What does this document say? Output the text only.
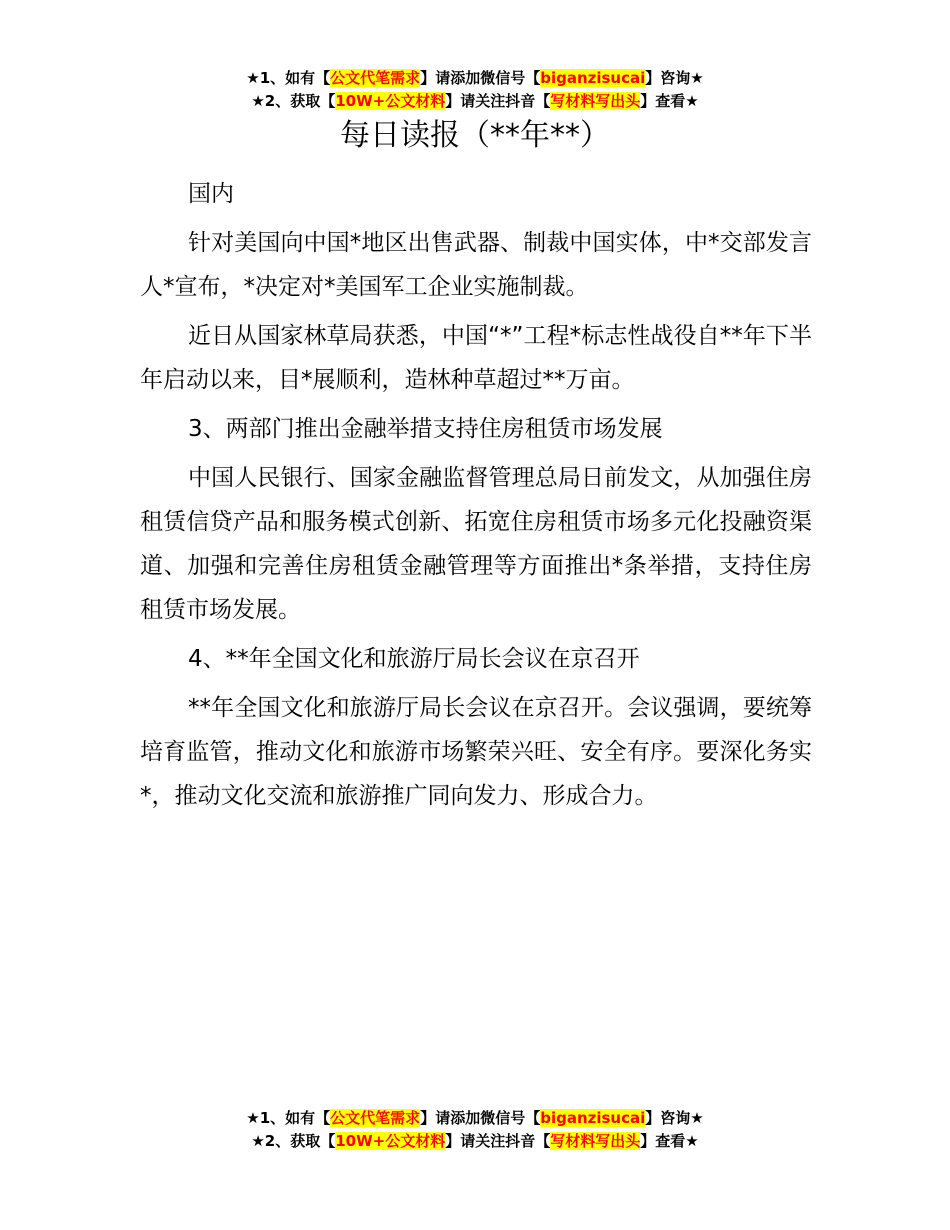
★1、如有【公文代笔需求】请添加微信号【biganzisucai】咨询★
★2、获取【10W+公文材料】请关注抖音【写材料写出头】查看★
每日读报（**年**）

国内

针对美国向中国*地区出售武器、制裁中国实体，中*交部发言人*宣布，*决定对*美国军工企业实施制裁。

近日从国家林草局获悉，中国“*”工程*标志性战役自**年下半年启动以来，目*展顺利，造林种草超过**万亩。

3、两部门推出金融举措支持住房租赁市场发展

中国人民银行、国家金融监督管理总局日前发文，从加强住房租赁信贷产品和服务模式创新、拓宽住房租赁市场多元化投融资渠道、加强和完善住房租赁金融管理等方面推出*条举措，支持住房租赁市场发展。

4、**年全国文化和旅游厅局长会议在京召开

**年全国文化和旅游厅局长会议在京召开。会议强调，要统筹培育监管，推动文化和旅游市场繁荣兴旺、安全有序。要深化务实*，推动文化交流和旅游推广同向发力、形成合力。

★1、如有【公文代笔需求】请添加微信号【biganzisucai】咨询★
★2、获取【10W+公文材料】请关注抖音【写材料写出头】查看★
